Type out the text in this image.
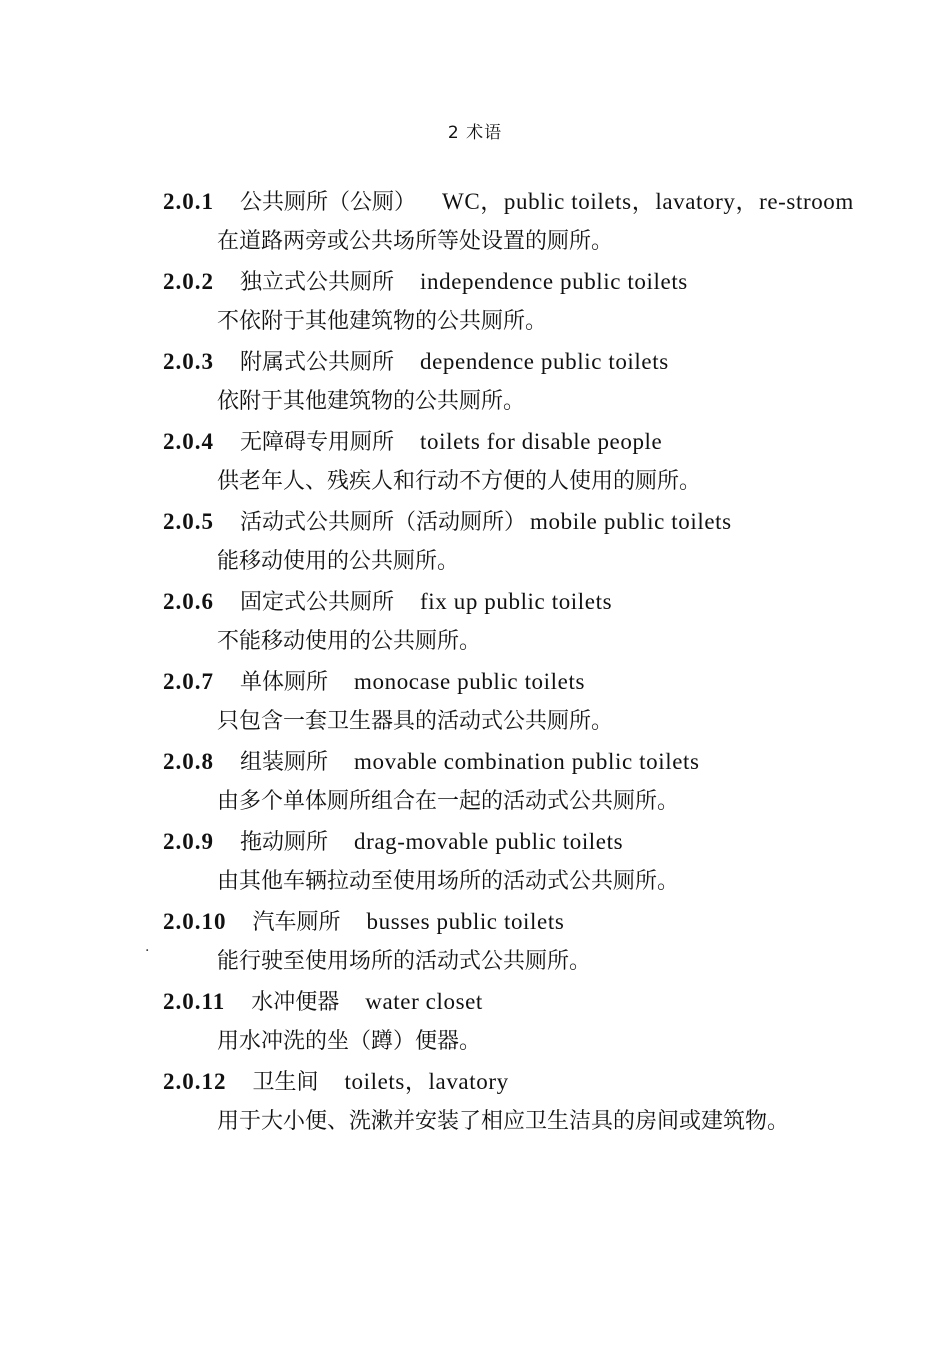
2 术语
·
2.0.1 公共厕所（公厕） WC，public toilets，lavatory，re-stroom
在道路两旁或公共场所等处设置的厕所。
2.0.2 独立式公共厕所 independence public toilets
不依附于其他建筑物的公共厕所。
2.0.3 附属式公共厕所 dependence public toilets
依附于其他建筑物的公共厕所。
2.0.4 无障碍专用厕所 toilets for disable people
供老年人、残疾人和行动不方便的人使用的厕所。
2.0.5 活动式公共厕所（活动厕所） mobile public toilets
能移动使用的公共厕所。
2.0.6 固定式公共厕所 fix up public toilets
不能移动使用的公共厕所。
2.0.7 单体厕所 monocase public toilets
只包含一套卫生器具的活动式公共厕所。
2.0.8 组装厕所 movable combination public toilets
由多个单体厕所组合在一起的活动式公共厕所。
2.0.9 拖动厕所 drag-movable public toilets
由其他车辆拉动至使用场所的活动式公共厕所。
2.0.10 汽车厕所 busses public toilets
能行驶至使用场所的活动式公共厕所。
2.0.11 水冲便器 water closet
用水冲洗的坐（蹲）便器。
2.0.12 卫生间 toilets，lavatory
用于大小便、洗漱并安装了相应卫生洁具的房间或建筑物。
